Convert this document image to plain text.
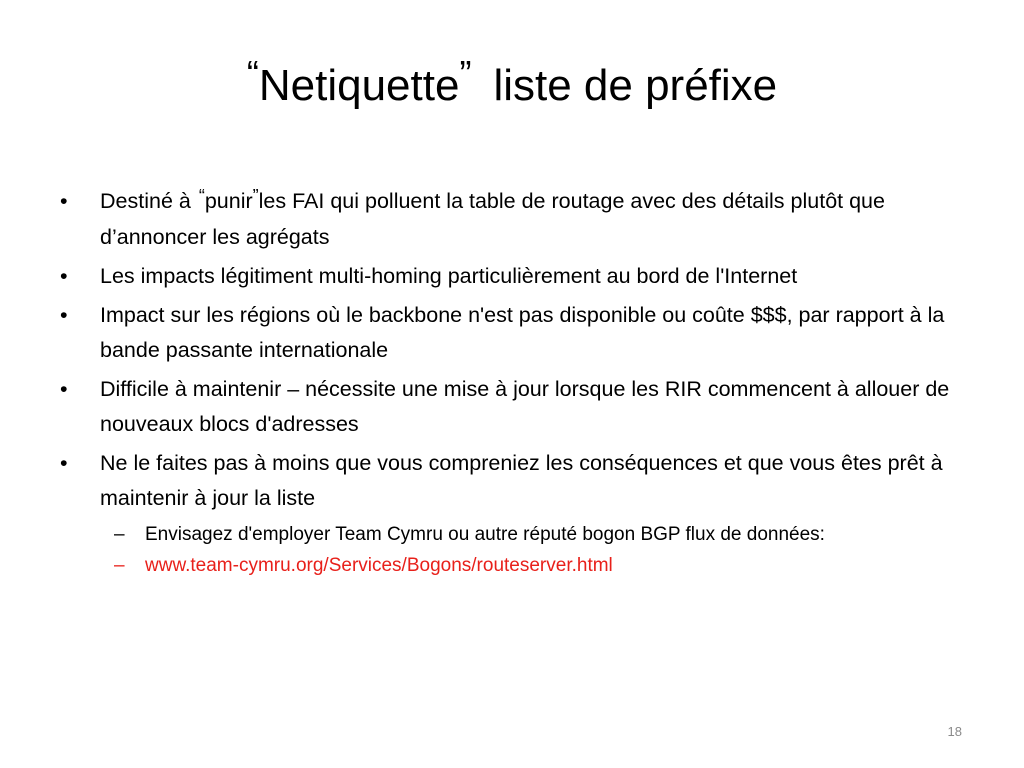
“Netiquette” liste de préfixe
•	Destiné à “punir”les FAI qui polluent la table de routage avec des détails plutôt que d’annoncer les agrégats
•	Les impacts légitiment multi-homing particulièrement au bord de l'Internet
•	Impact sur les régions où le backbone n'est pas disponible ou coûte $$$, par rapport à la bande passante internationale
•	Difficile à maintenir – nécessite une mise à jour lorsque les RIR commencent à allouer de nouveaux blocs d'adresses
•	Ne le faites pas à moins que vous compreniez les conséquences et que vous êtes prêt à maintenir à jour la liste
– Envisagez d'employer Team Cymru ou autre réputé bogon BGP flux de données:
– www.team-cymru.org/Services/Bogons/routeserver.html
18
